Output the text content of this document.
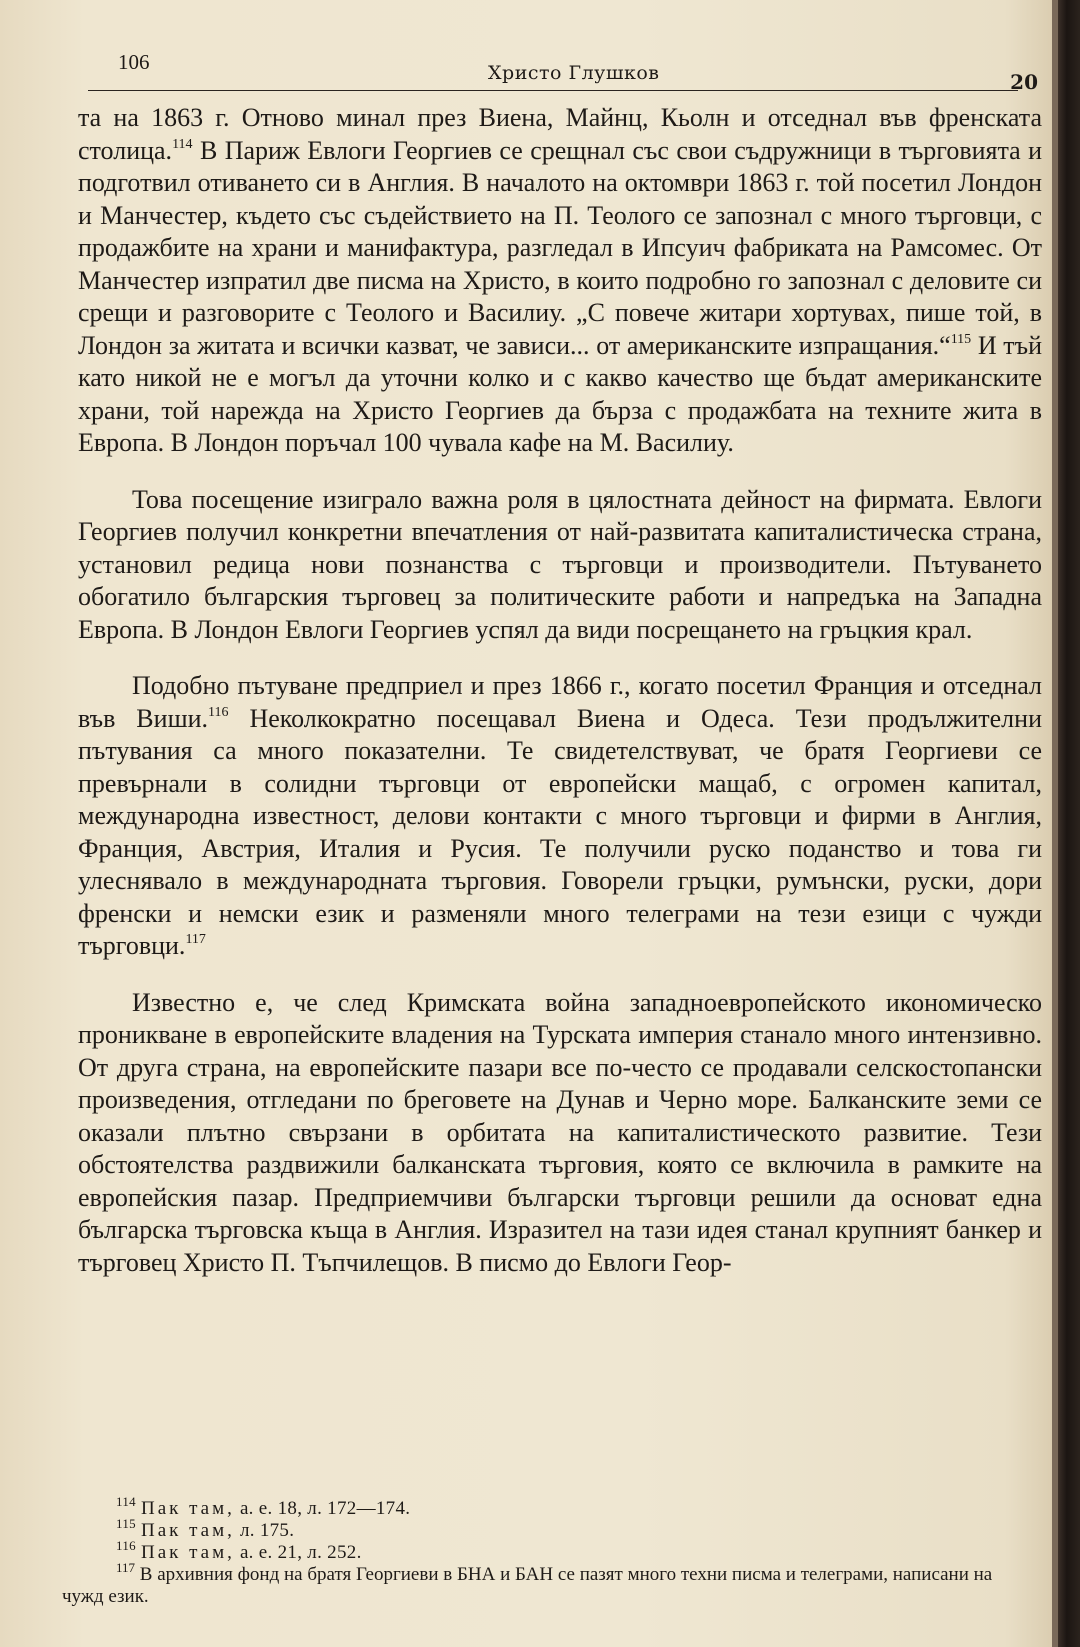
106	Христо Глушков	20

та на 1863 г. Отново минал през Виена, Майнц, Кьолн и отседнал във френската столица.$^{114}$ В Париж Евлоги Георгиев се срещнал със свои съдружници в търговията и подготвил отиването си в Англия. В началото на октомври 1863 г. той посетил Лондон и Манчестер, където със съдействието на П. Теолого се запознал с много търговци, с продажбите на храни и манифактура, разгледал в Ипсуич фабриката на Рамсомес. От Манчестер изпратил две писма на Христо, в които подробно го запознал с деловите си срещи и разговорите с Теолого и Василиу. „С повече житари хортувах, пише той, в Лондон за житата и всички казват, че зависи... от американските изпращания.“$^{115}$ И тъй като никой не е могъл да уточни колко и с какво качество ще бъдат американските храни, той нарежда на Христо Георгиев да бърза с продажбата на техните жита в Европа. В Лондон поръчал 100 чувала кафе на М. Василиу.

Това посещение изиграло важна роля в цялостната дейност на фирмата. Евлоги Георгиев получил конкретни впечатления от най-развитата капиталистическа страна, установил редица нови познанства с търговци и производители. Пътуването обогатило българския търговец за политическите работи и напредъка на Западна Европа. В Лондон Евлоги Георгиев успял да види посрещането на гръцкия крал.

Подобно пътуване предприел и през 1866 г., когато посетил Франция и отседнал във Виши.$^{116}$ Неколкократно посещавал Виена и Одеса. Тези продължителни пътувания са много показателни. Те свидетелствуват, че братя Георгиеви се превърнали в солидни търговци от европейски мащаб, с огромен капитал, международна известност, делови контакти с много търговци и фирми в Англия, Франция, Австрия, Италия и Русия. Те получили руско поданство и това ги улеснявало в международната търговия. Говорели гръцки, румънски, руски, дори френски и немски език и разменяли много телеграми на тези езици с чужди търговци.$^{117}$

Известно е, че след Кримската война западноевропейското икономическо проникване в европейските владения на Турската империя станало много интензивно. От друга страна, на европейските пазари все по-често се продавали селскостопански произведения, отгледани по бреговете на Дунав и Черно море. Балканските земи се оказали плътно свързани в орбитата на капиталистическото развитие. Тези обстоятелства раздвижили балканската търговия, която се включила в рамките на европейския пазар. Предприемчиви български търговци решили да основат една българска търговска къща в Англия. Изразител на тази идея станал крупният банкер и търговец Христо П. Тъпчилещов. В писмо до Евлоги Геор-

$^{114}$ Пак там, а. е. 18, л. 172—174.

$^{115}$ Пак там, л. 175.

$^{116}$ Пак там, а. е. 21, л. 252.

$^{117}$ В архивния фонд на братя Георгиеви в БНА и БАН се пазят много техни писма и телеграми, написани на чужд език.
